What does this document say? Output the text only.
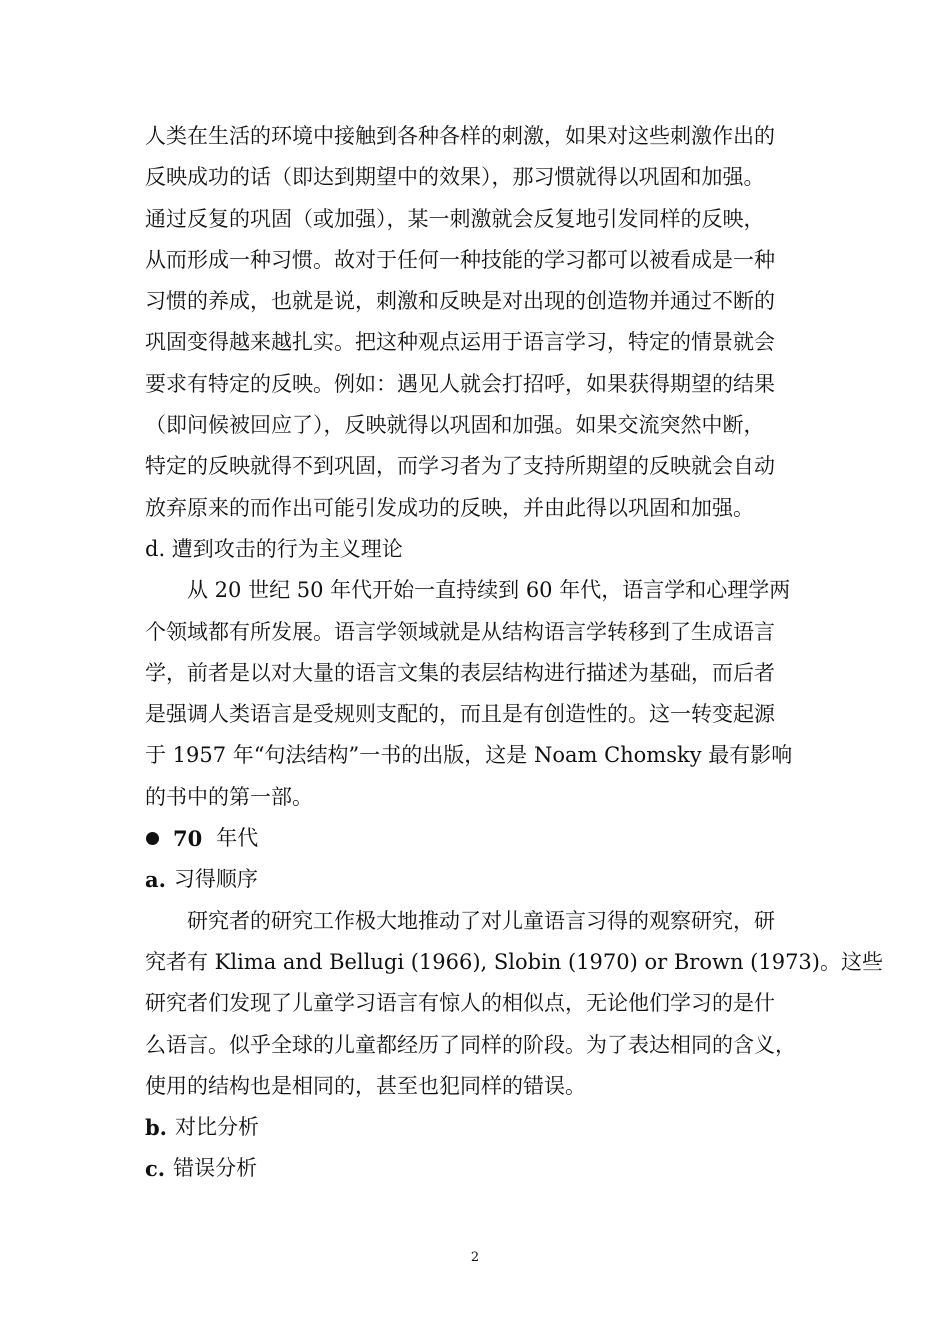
人类在生活的环境中接触到各种各样的刺激，如果对这些刺激作出的
反映成功的话（即达到期望中的效果），那习惯就得以巩固和加强。
通过反复的巩固（或加强），某一刺激就会反复地引发同样的反映，
从而形成一种习惯。故对于任何一种技能的学习都可以被看成是一种
习惯的养成，也就是说，刺激和反映是对出现的创造物并通过不断的
巩固变得越来越扎实。把这种观点运用于语言学习，特定的情景就会
要求有特定的反映。例如：遇见人就会打招呼，如果获得期望的结果
（即问候被回应了），反映就得以巩固和加强。如果交流突然中断，
特定的反映就得不到巩固，而学习者为了支持所期望的反映就会自动
放弃原来的而作出可能引发成功的反映，并由此得以巩固和加强。
d. 遭到攻击的行为主义理论
从 20 世纪 50 年代开始一直持续到 60 年代，语言学和心理学两
个领域都有所发展。语言学领域就是从结构语言学转移到了生成语言
学，前者是以对大量的语言文集的表层结构进行描述为基础，而后者
是强调人类语言是受规则支配的，而且是有创造性的。这一转变起源
于 1957 年“句法结构”一书的出版，这是 Noam Chomsky 最有影响
的书中的第一部。
70 年代
a. 习得顺序
研究者的研究工作极大地推动了对儿童语言习得的观察研究，研
究者有 Klima and Bellugi (1966), Slobin (1970) or Brown (1973)。这些
研究者们发现了儿童学习语言有惊人的相似点，无论他们学习的是什
么语言。似乎全球的儿童都经历了同样的阶段。为了表达相同的含义，
使用的结构也是相同的，甚至也犯同样的错误。
b. 对比分析
c. 错误分析
2
